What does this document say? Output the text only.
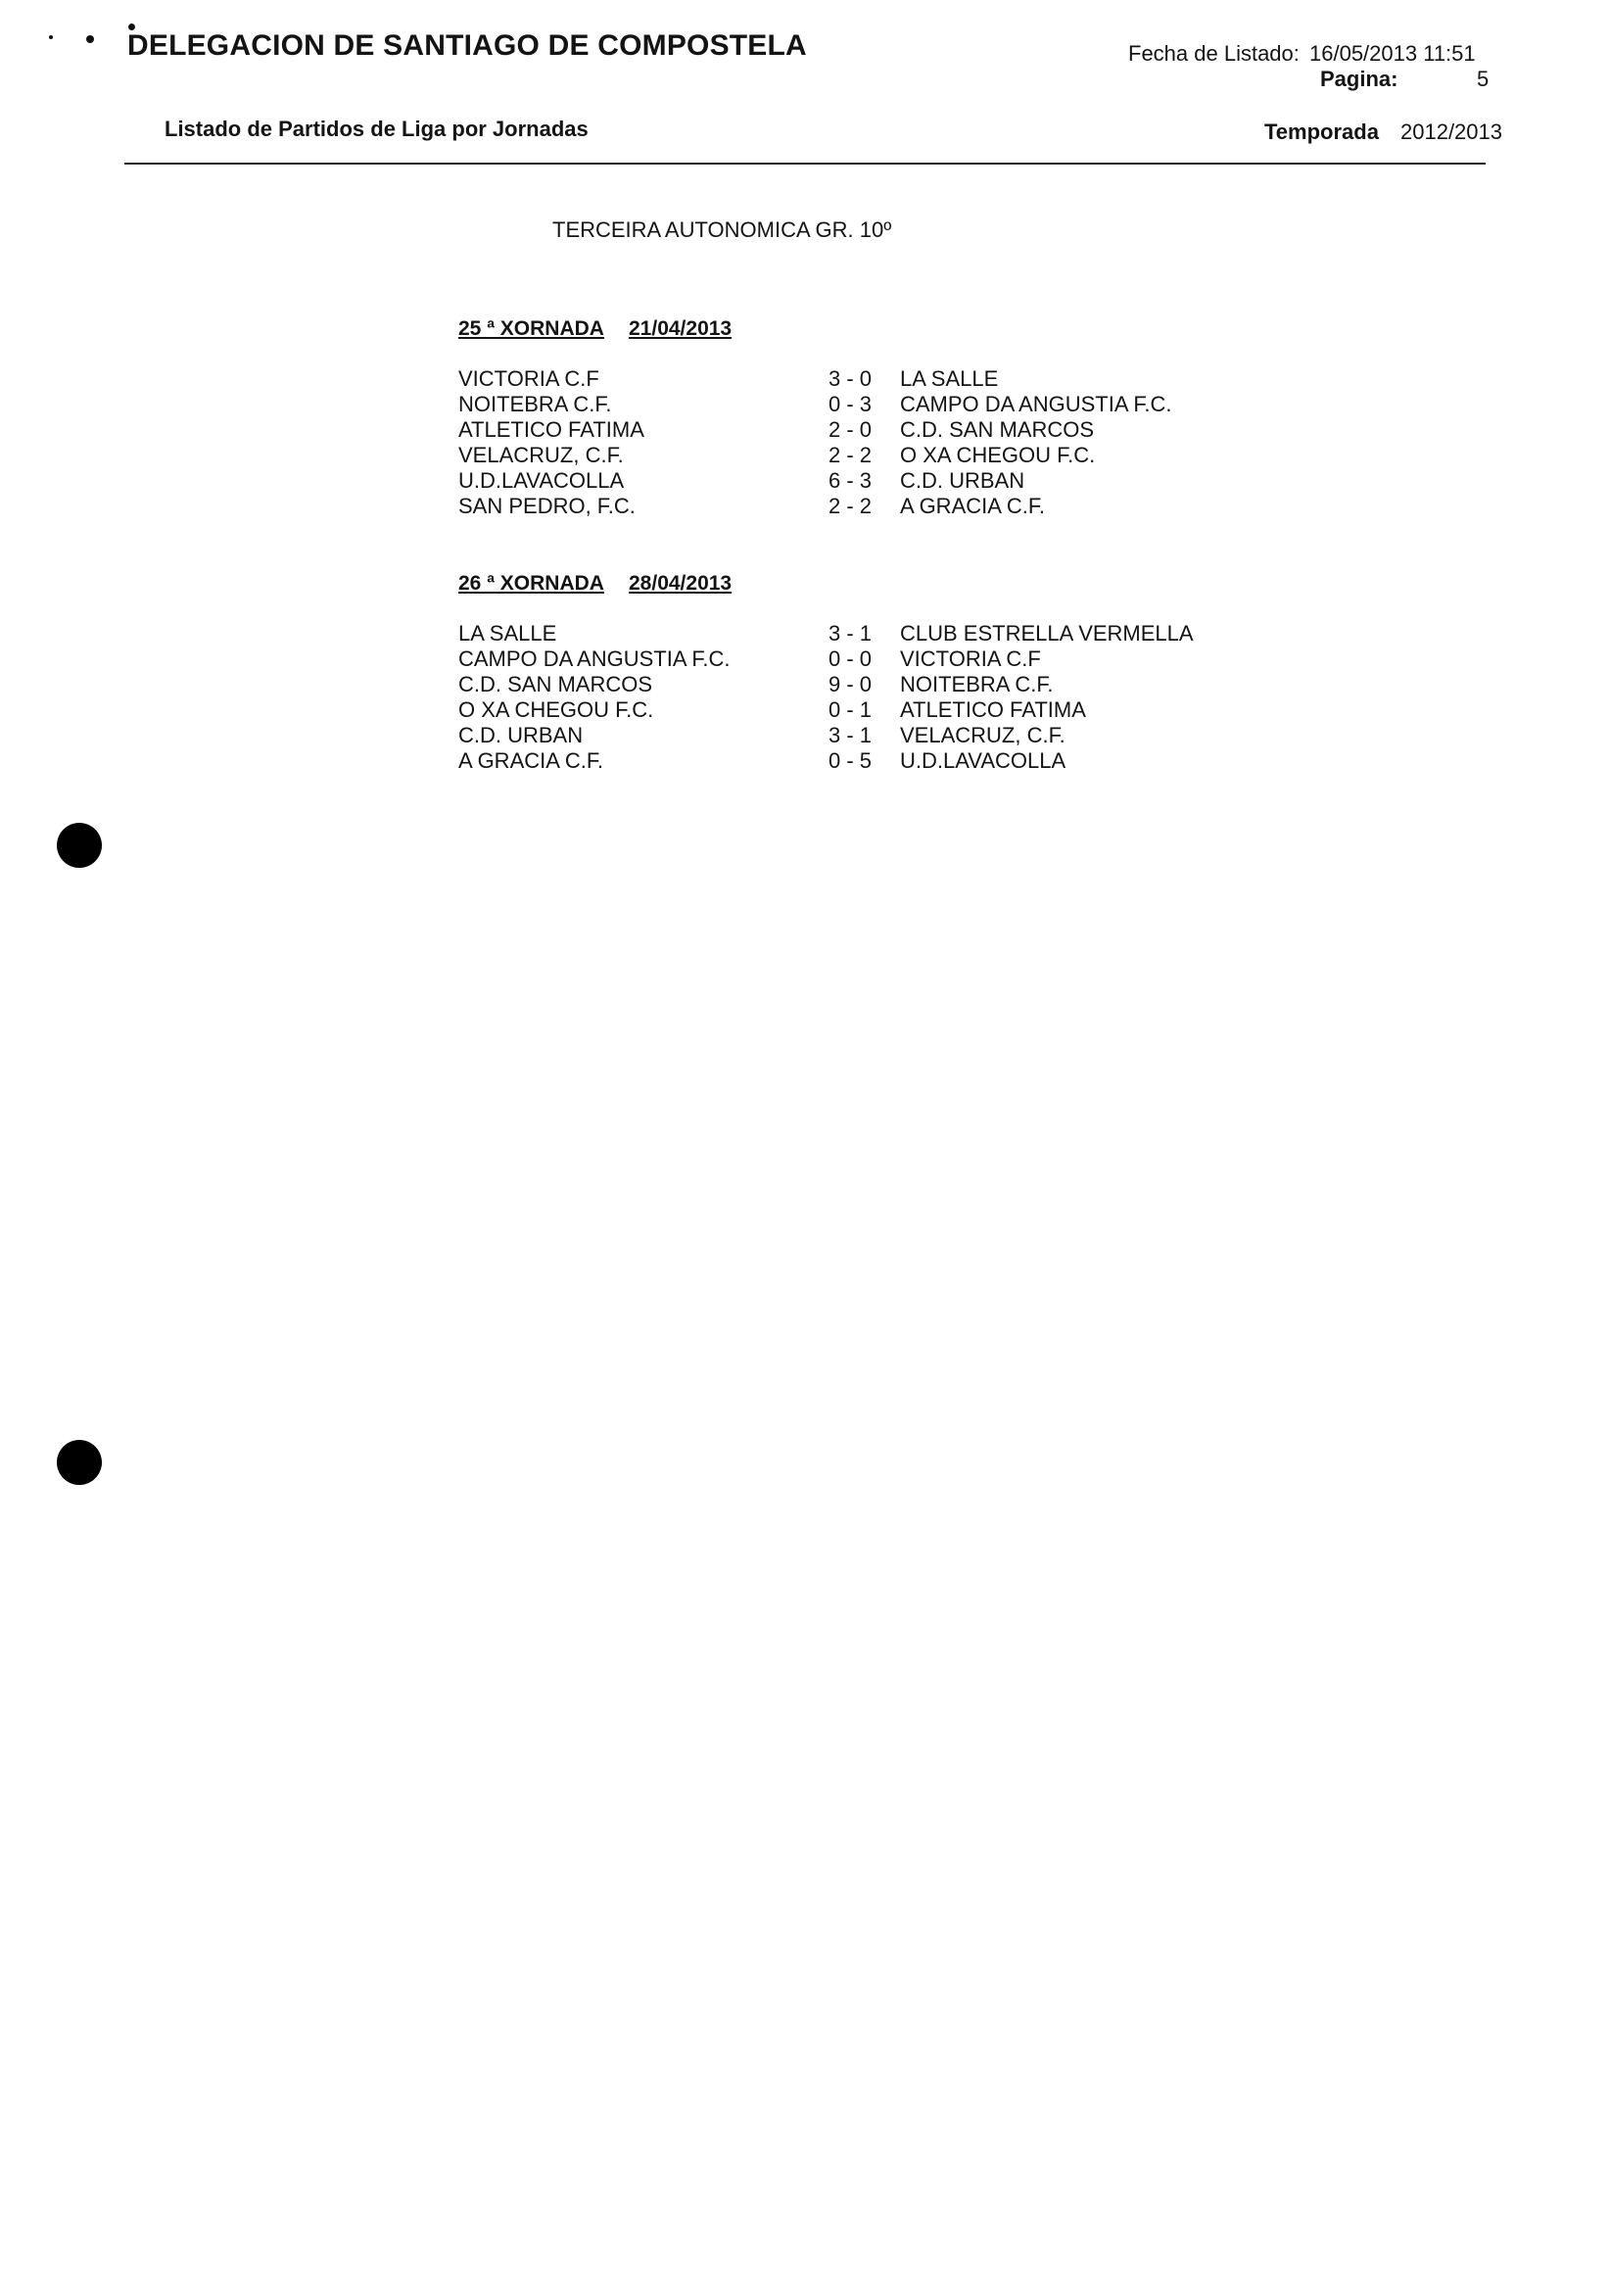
DELEGACION DE SANTIAGO DE COMPOSTELA	Fecha de Listado: 16/05/2013 11:51
Pagina:	5
Listado de Partidos de Liga por Jornadas	Temporada 2012/2013
TERCEIRA AUTONOMICA GR. 10º
25 ª XORNADA	21/04/2013
VICTORIA C.F	3 - 0	LA SALLE
NOITEBRA C.F.	0 - 3	CAMPO DA ANGUSTIA F.C.
ATLETICO FATIMA	2 - 0	C.D. SAN MARCOS
VELACRUZ, C.F.	2 - 2	O XA CHEGOU F.C.
U.D.LAVACOLLA	6 - 3	C.D. URBAN
SAN PEDRO, F.C.	2 - 2	A GRACIA C.F.
26 ª XORNADA	28/04/2013
LA SALLE	3 - 1	CLUB ESTRELLA VERMELLA
CAMPO DA ANGUSTIA F.C.	0 - 0	VICTORIA C.F
C.D. SAN MARCOS	9 - 0	NOITEBRA C.F.
O XA CHEGOU F.C.	0 - 1	ATLETICO FATIMA
C.D. URBAN	3 - 1	VELACRUZ, C.F.
A GRACIA C.F.	0 - 5	U.D.LAVACOLLA
